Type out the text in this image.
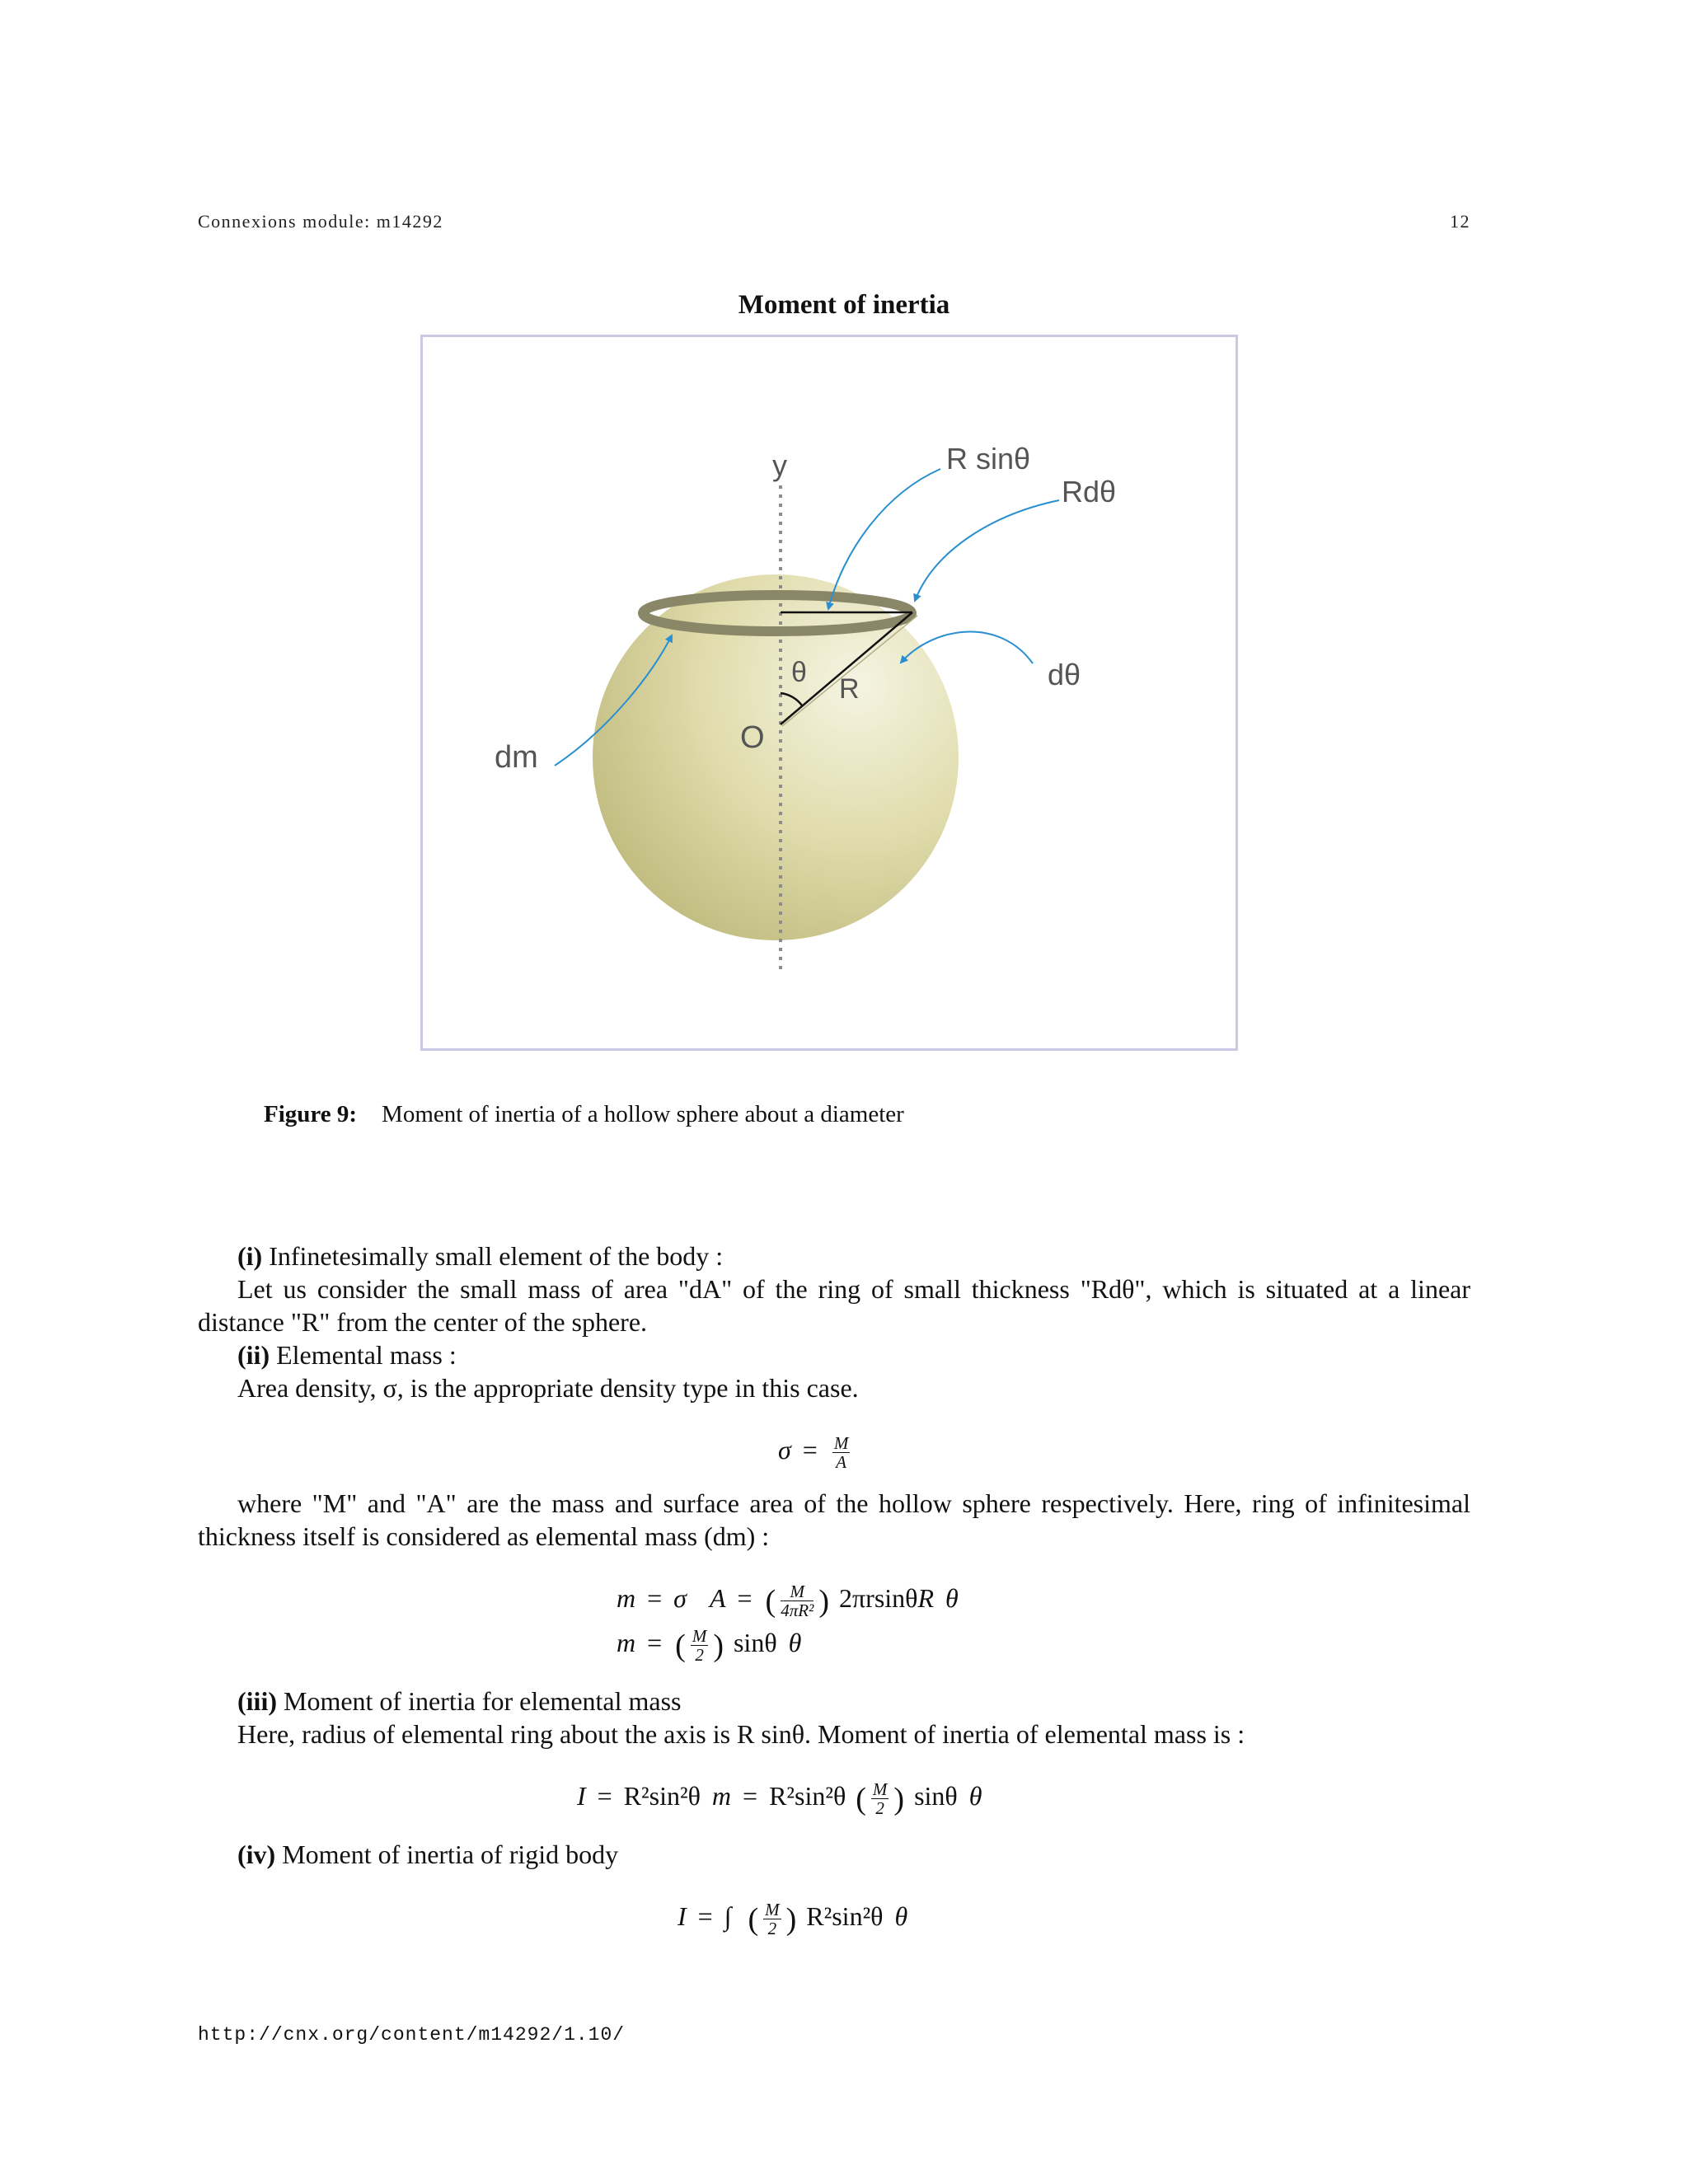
Connexions module: m14292	12
Moment of inertia
y
O
θ
R
R sinθ
Rdθ
dθ
dm
Figure 9: Moment of inertia of a hollow sphere about a diameter
(i) Infinetesimally small element of the body :
Let us consider the small mass of area "dA" of the ring of small thickness "Rdθ", which is situated at a linear distance "R" from the center of the sphere.
(ii) Elemental mass :
Area density, σ, is the appropriate density type in this case.
$\sigma = \frac{M}{A}$
where "M" and "A" are the mass and surface area of the hollow sphere respectively. Here, ring of infinitesimal thickness itself is considered as elemental mass (dm) :
m = σ A = ( $\frac{M}{\text{4πR²}}$ ) 2πrsinθR θ
m = ( $\frac{M}{2}$ ) sinθ θ
(iii) Moment of inertia for elemental mass
Here, radius of elemental ring about the axis is R sinθ. Moment of inertia of elemental mass is :
I = R²sin²θ m = R²sin²θ ( $\frac{M}{2}$ ) sinθ θ
(iv) Moment of inertia of rigid body
I = ∫ ( $\frac{M}{2}$ ) R²sin²θ θ
http://cnx.org/content/m14292/1.10/
